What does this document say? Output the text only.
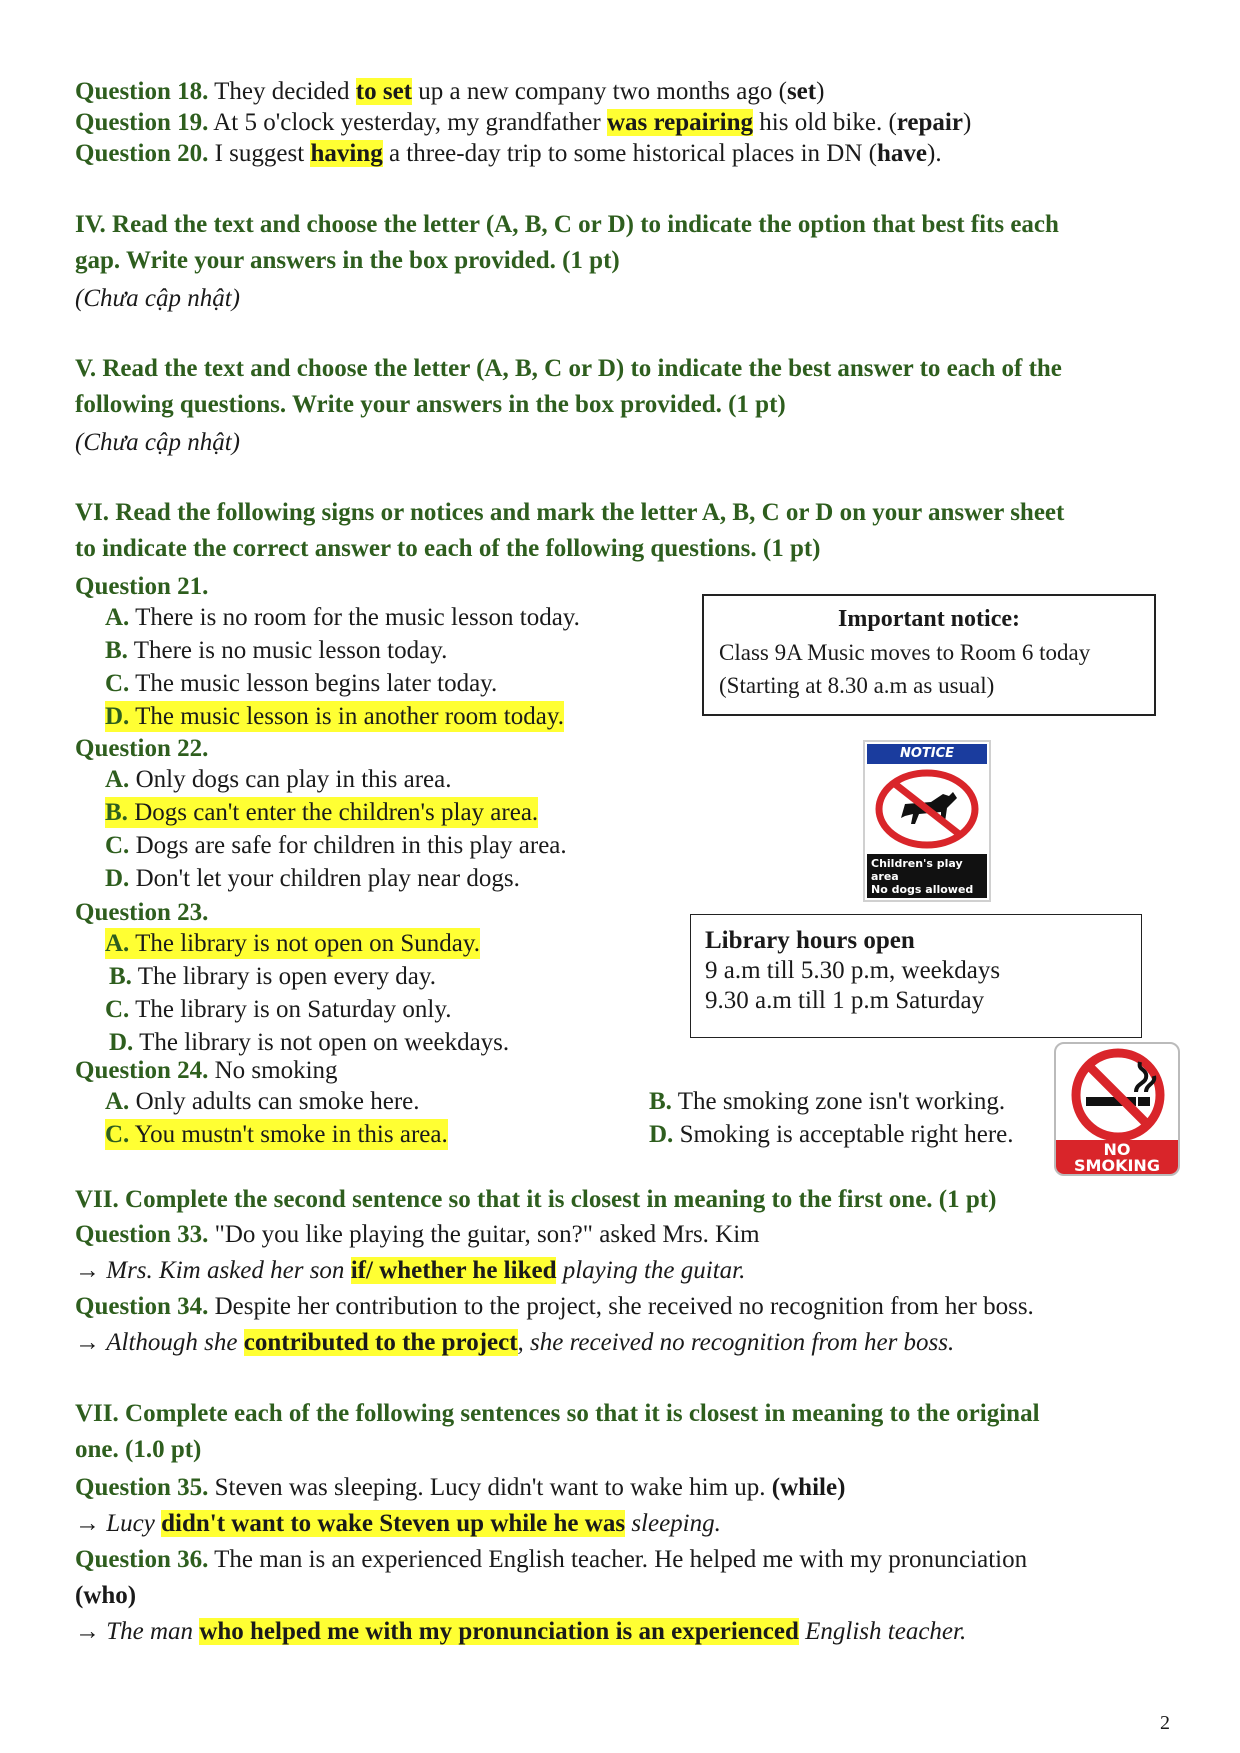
Question 18. They decided to set up a new company two months ago (set)
Question 19. At 5 o'clock yesterday, my grandfather was repairing his old bike. (repair)
Question 20. I suggest having a three-day trip to some historical places in DN (have).
IV. Read the text and choose the letter (A, B, C or D) to indicate the option that best fits each
gap. Write your answers in the box provided. (1 pt)
(Chưa cập nhật)
V. Read the text and choose the letter (A, B, C or D) to indicate the best answer to each of the
following questions. Write your answers in the box provided. (1 pt)
(Chưa cập nhật)
VI. Read the following signs or notices and mark the letter A, B, C or D on your answer sheet
to indicate the correct answer to each of the following questions. (1 pt)
Question 21.
A. There is no room for the music lesson today.
B. There is no music lesson today.
C. The music lesson begins later today.
D. The music lesson is in another room today.
Important notice:
Class 9A Music moves to Room 6 today
(Starting at 8.30 a.m as usual)
Question 22.
A. Only dogs can play in this area.
B. Dogs can't enter the children's play area.
C. Dogs are safe for children in this play area.
D. Don't let your children play near dogs.
NOTICE
Children's play
area
No dogs allowed
Question 23.
A. The library is not open on Sunday.
B. The library is open every day.
C. The library is on Saturday only.
D. The library is not open on weekdays.
Library hours open
9 a.m till 5.30 p.m, weekdays
9.30 a.m till 1 p.m Saturday
Question 24. No smoking
A. Only adults can smoke here.	B. The smoking zone isn't working.
C. You mustn't smoke in this area.	D. Smoking is acceptable right here.
NO
SMOKING
VII. Complete the second sentence so that it is closest in meaning to the first one. (1 pt)
Question 33. "Do you like playing the guitar, son?" asked Mrs. Kim
→ Mrs. Kim asked her son if/ whether he liked playing the guitar.
Question 34. Despite her contribution to the project, she received no recognition from her boss.
→ Although she contributed to the project, she received no recognition from her boss.
VII. Complete each of the following sentences so that it is closest in meaning to the original
one. (1.0 pt)
Question 35. Steven was sleeping. Lucy didn't want to wake him up. (while)
→ Lucy didn't want to wake Steven up while he was sleeping.
Question 36. The man is an experienced English teacher. He helped me with my pronunciation
(who)
→ The man who helped me with my pronunciation is an experienced English teacher.
2
